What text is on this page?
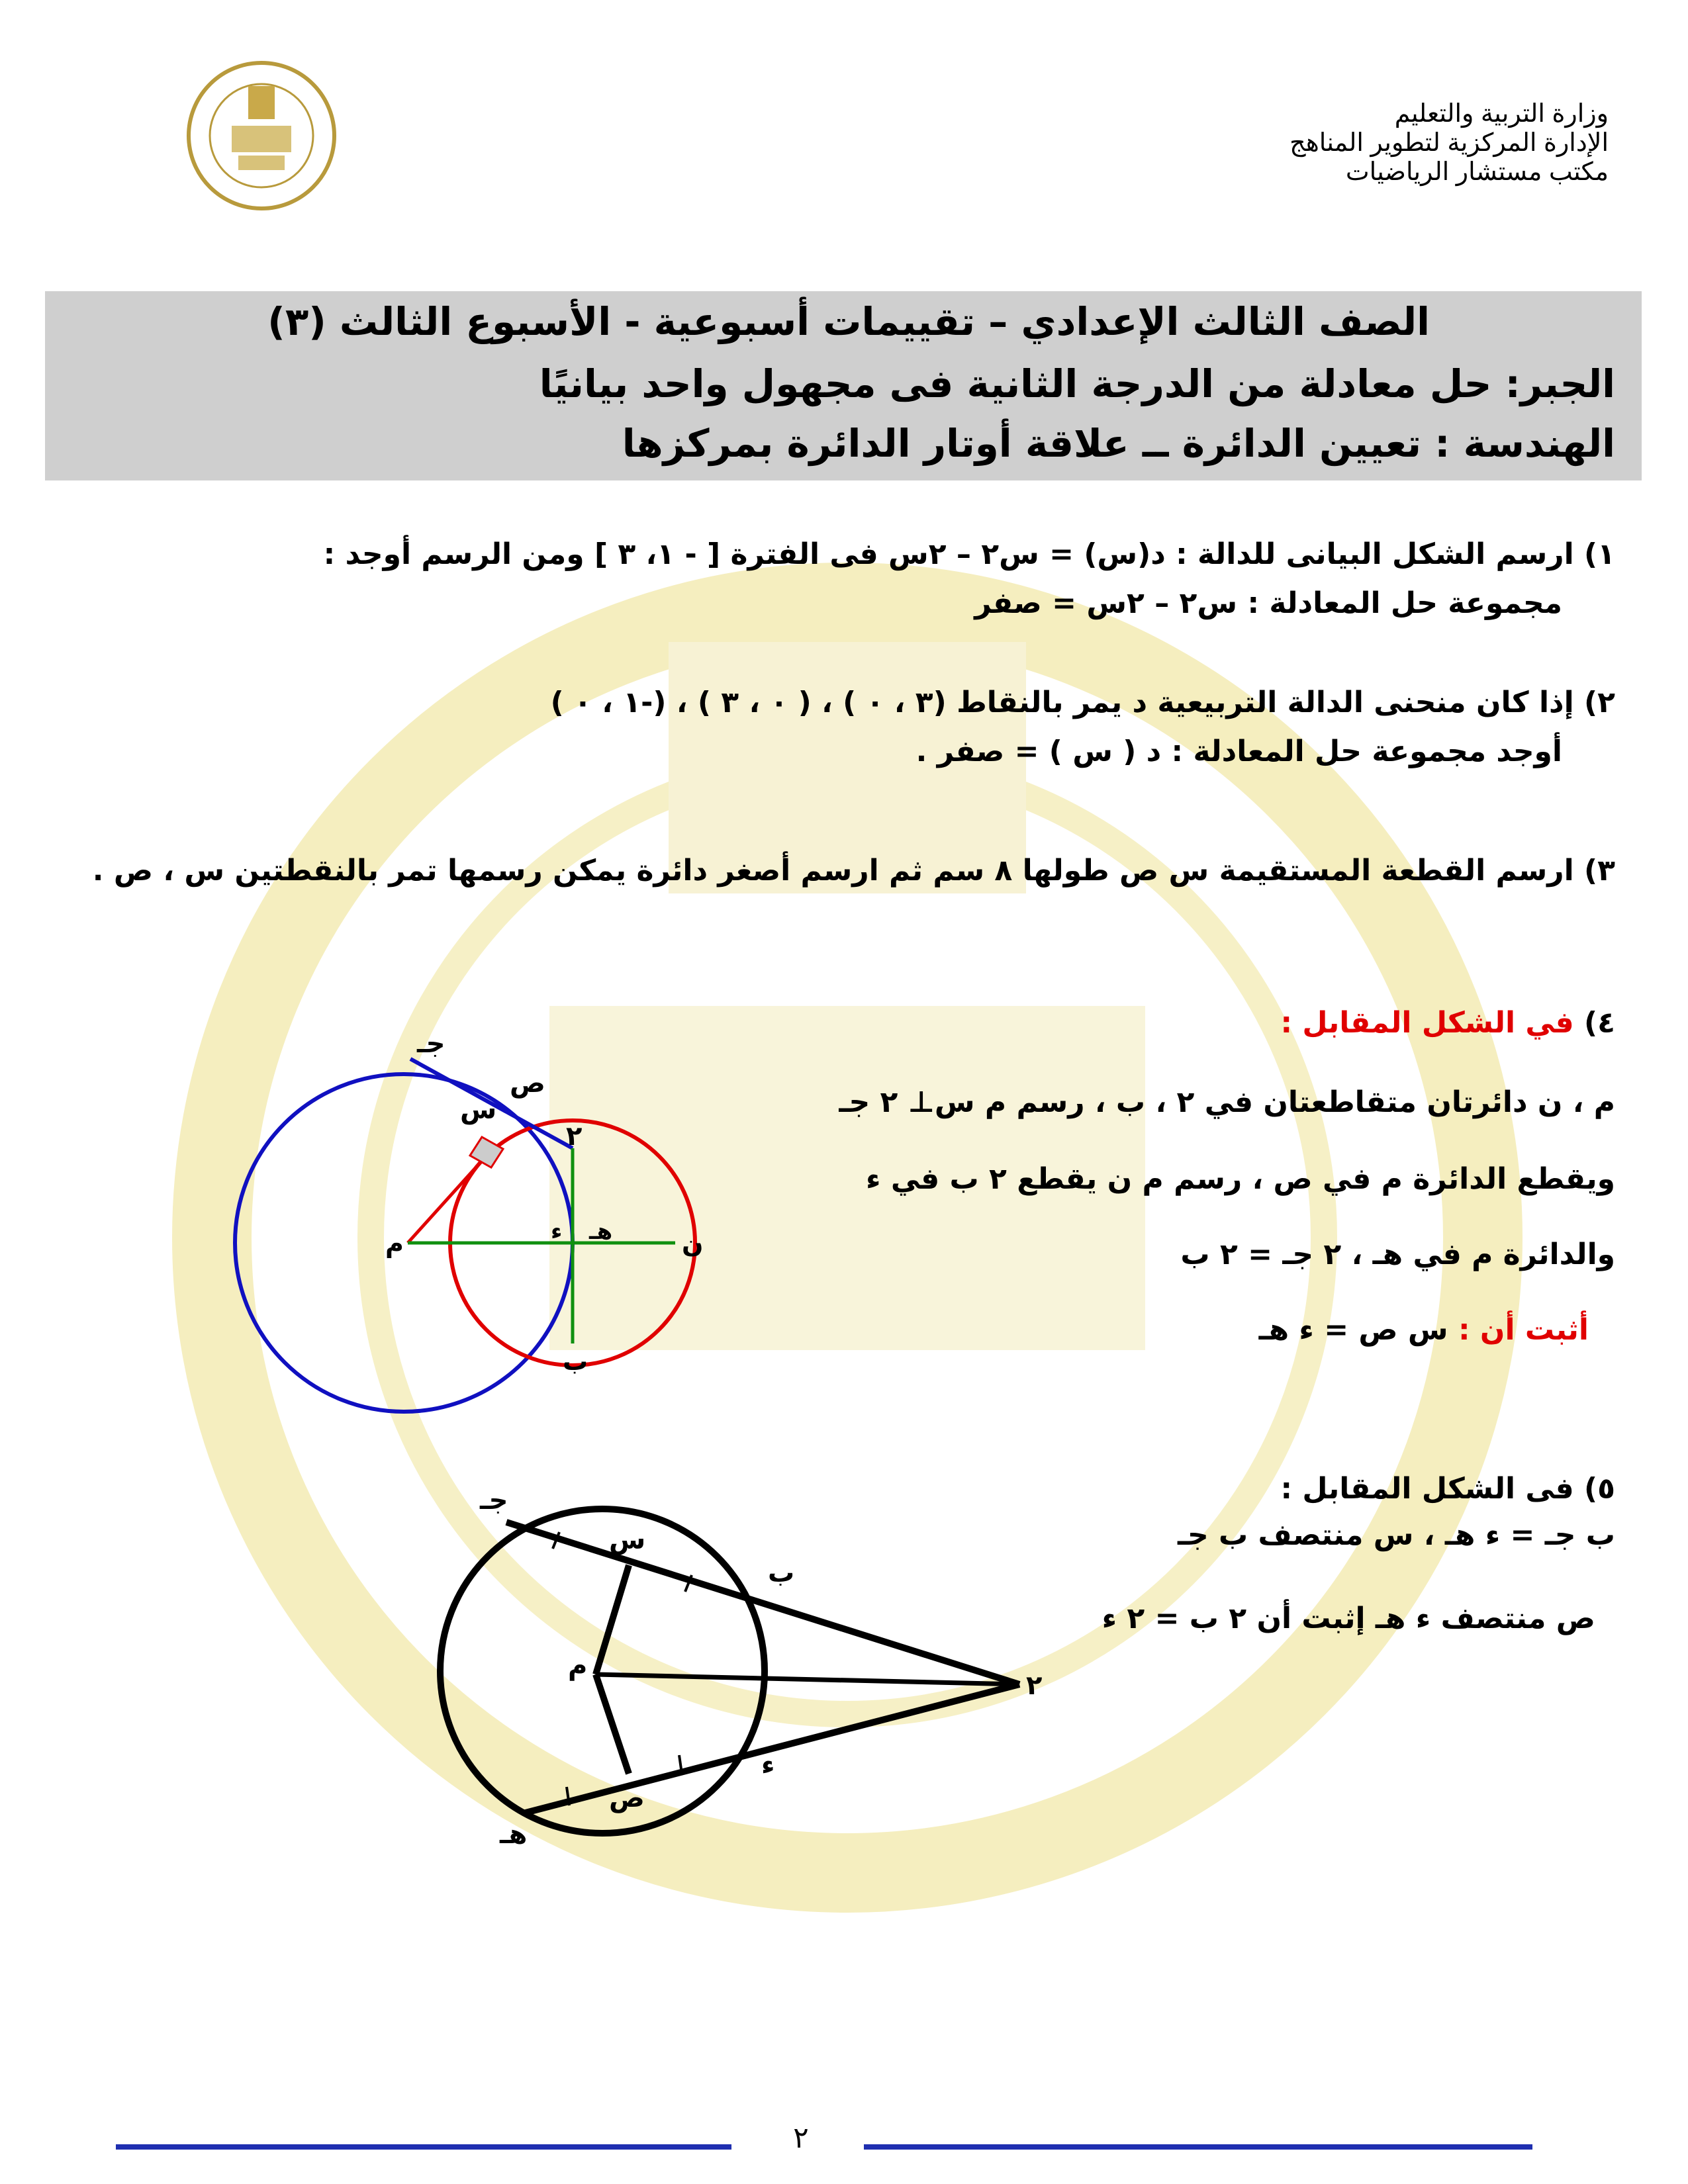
وزارة التربية والتعليم
الإدارة المركزية لتطوير المناهج
مكتب مستشار الرياضيات
الصف الثالث الإعدادي – تقييمات أسبوعية - الأسبوع الثالث (٣)
الجبر: حل معادلة من الدرجة الثانية فى مجهول واحد بيانيًا
الهندسة : تعيين الدائرة ــ علاقة أوتار الدائرة بمركزها
١) ارسم الشكل البيانى للدالة : د(س) = س٢ – ٢س فى الفترة [ - ١، ٣ ] ومن الرسم أوجد :
مجموعة حل المعادلة : س٢ – ٢س = صفر
٢) إذا كان منحنى الدالة التربيعية د يمر بالنقاط (٣ ، ٠ ) ، ( ٠ ، ٣ ) ، (-١ ، ٠ )
أوجد مجموعة حل المعادلة : د ( س ) = صفر .
٣) ارسم القطعة المستقيمة س ص طولها ٨ سم ثم ارسم أصغر دائرة يمكن رسمها تمر بالنقطتين س ، ص .
٤) في الشكل المقابل :
م ، ن دائرتان متقاطعتان في ٢ ، ب ، رسم م س⊥ ٢ جـ
ويقطع الدائرة م في ص ، رسم م ن يقطع ٢ ب في ء
والدائرة م في هـ ، ٢ جـ = ٢ ب
أثبت أن : س ص = ء هـ
جـ
ص
س
٢
م	ء هـ	ن
ب
٥) فى الشكل المقابل :
ب جـ = ء هـ ، س منتصف ب جـ
ص منتصف ء هـ إثبت أن ٢ ب = ٢ ء
جـ
س
ب
م
٢
ء
ص
هـ
٢
